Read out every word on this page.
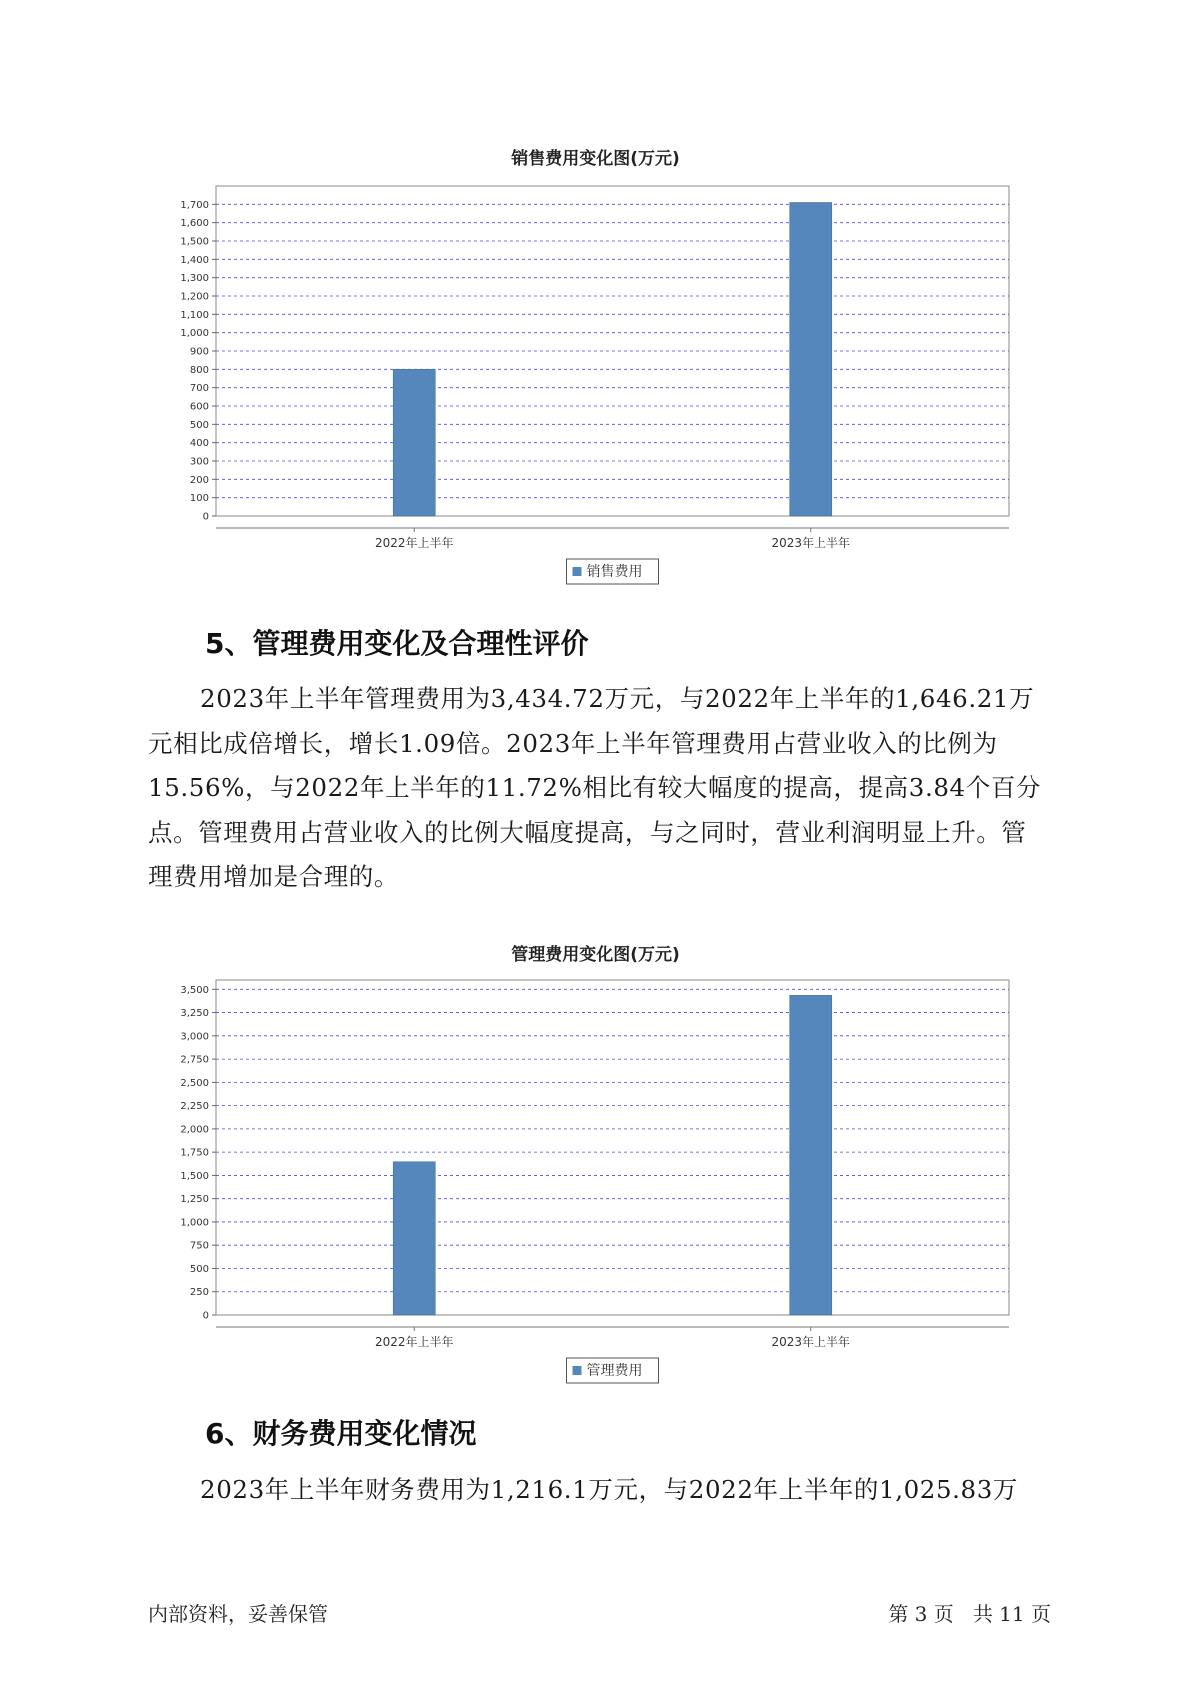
销售费用变化图(万元)
0
100
200
300
400
500
600
700
800
900
1,000
1,100
1,200
1,300
1,400
1,500
1,600
1,700
2022年上半年	2023年上半年
销售费用
5、管理费用变化及合理性评价

2023年上半年管理费用为3,434.72万元，与2022年上半年的1,646.21万元相比成倍增长，增长1.09倍。2023年上半年管理费用占营业收入的比例为15.56%，与2022年上半年的11.72%相比有较大幅度的提高，提高3.84个百分点。管理费用占营业收入的比例大幅度提高，与之同时，营业利润明显上升。管理费用增加是合理的。

管理费用变化图(万元)
0
250
500
750
1,000
1,250
1,500
1,750
2,000
2,250
2,500
2,750
3,000
3,250
3,500
2022年上半年	2023年上半年
管理费用
6、财务费用变化情况

2023年上半年财务费用为1,216.1万元，与2022年上半年的1,025.83万

内部资料，妥善保管	第 3 页   共 11 页
